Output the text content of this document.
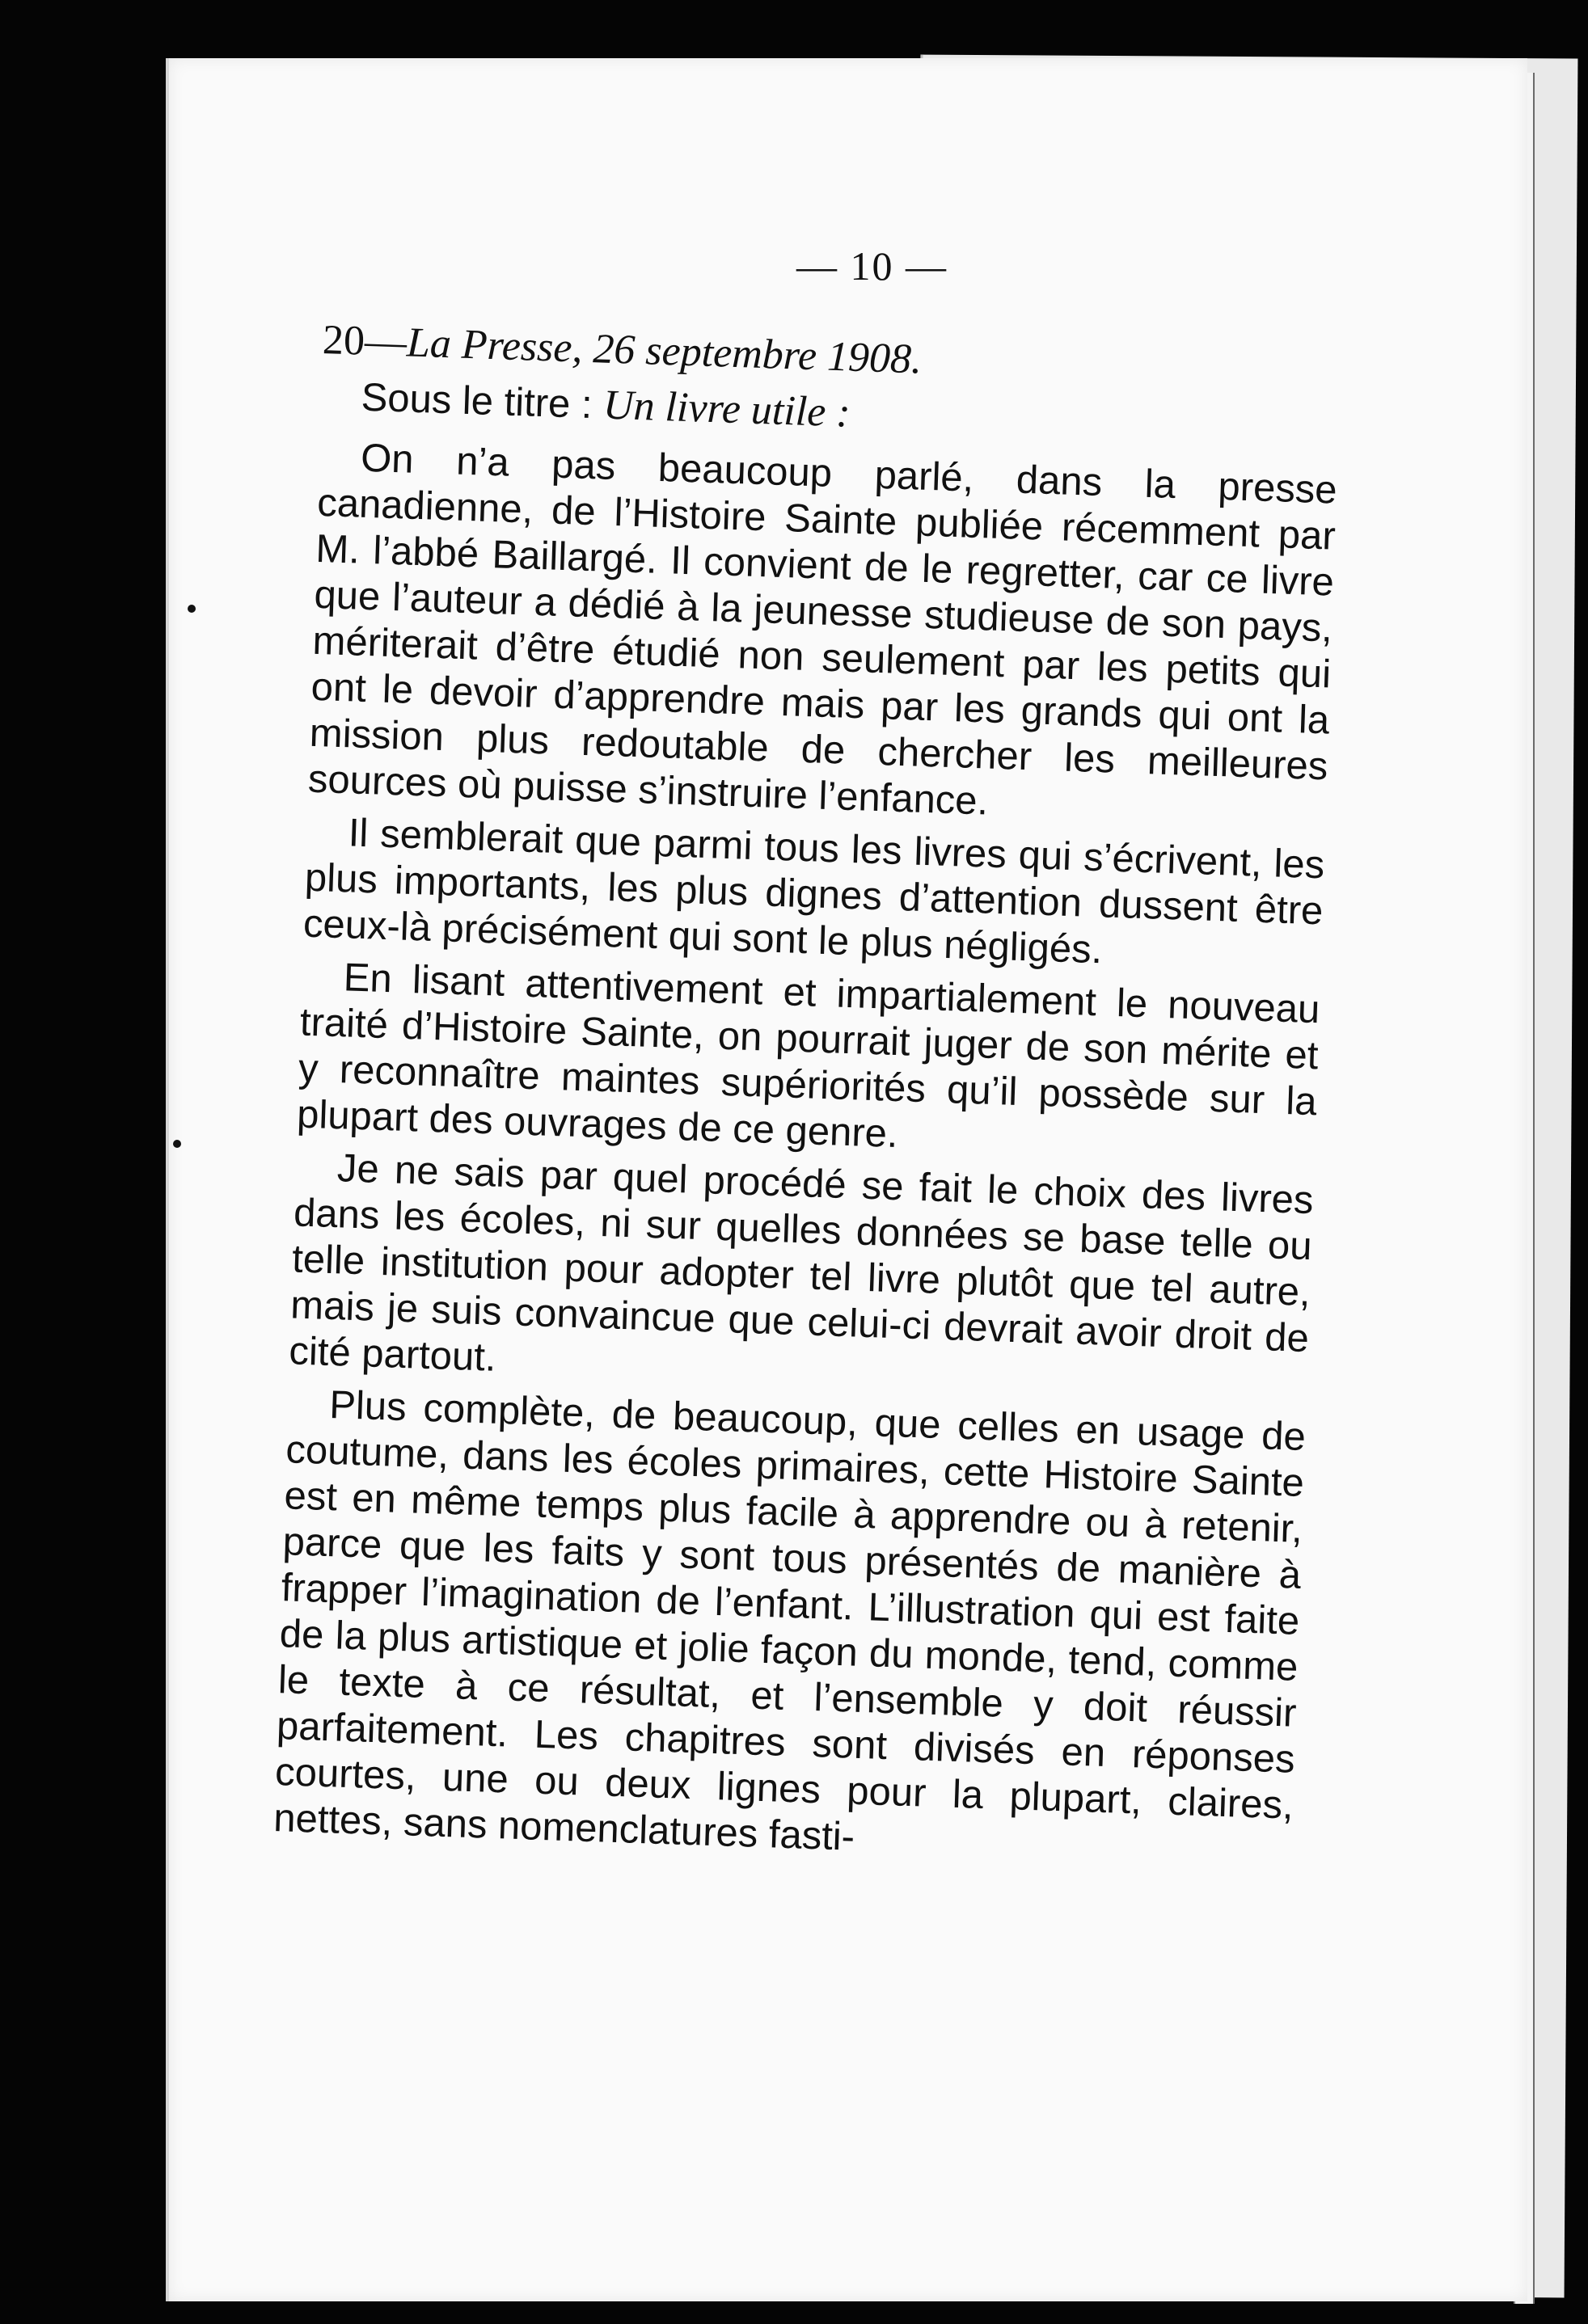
— 10 —

20—La Presse, 26 septembre 1908.

Sous le titre : Un livre utile :

On n’a pas beaucoup parlé, dans la presse canadienne, de l’Histoire Sainte publiée récemment par M. l’abbé Baillargé. Il convient de le regretter, car ce livre que l’auteur a dédié à la jeunesse studieuse de son pays, mériterait d’être étudié non seulement par les petits qui ont le devoir d’apprendre mais par les grands qui ont la mission plus redoutable de chercher les meilleures sources où puisse s’instruire l’enfance.

Il semblerait que parmi tous les livres qui s’écrivent, les plus importants, les plus dignes d’attention dussent être ceux-là précisément qui sont le plus négligés.

En lisant attentivement et impartialement le nouveau traité d’Histoire Sainte, on pourrait juger de son mérite et y reconnaître maintes supériorités qu’il possède sur la plupart des ouvrages de ce genre.

Je ne sais par quel procédé se fait le choix des livres dans les écoles, ni sur quelles données se base telle ou telle institution pour adopter tel livre plutôt que tel autre, mais je suis convaincue que celui-ci devrait avoir droit de cité partout.

Plus complète, de beaucoup, que celles en usage de coutume, dans les écoles primaires, cette Histoire Sainte est en même temps plus facile à apprendre ou à retenir, parce que les faits y sont tous présentés de manière à frapper l’imagination de l’enfant. L’illustration qui est faite de la plus artistique et jolie façon du monde, tend, comme le texte à ce résultat, et l’ensemble y doit réussir parfaitement. Les chapitres sont divisés en réponses courtes, une ou deux lignes pour la plupart, claires, nettes, sans nomenclatures fasti-
